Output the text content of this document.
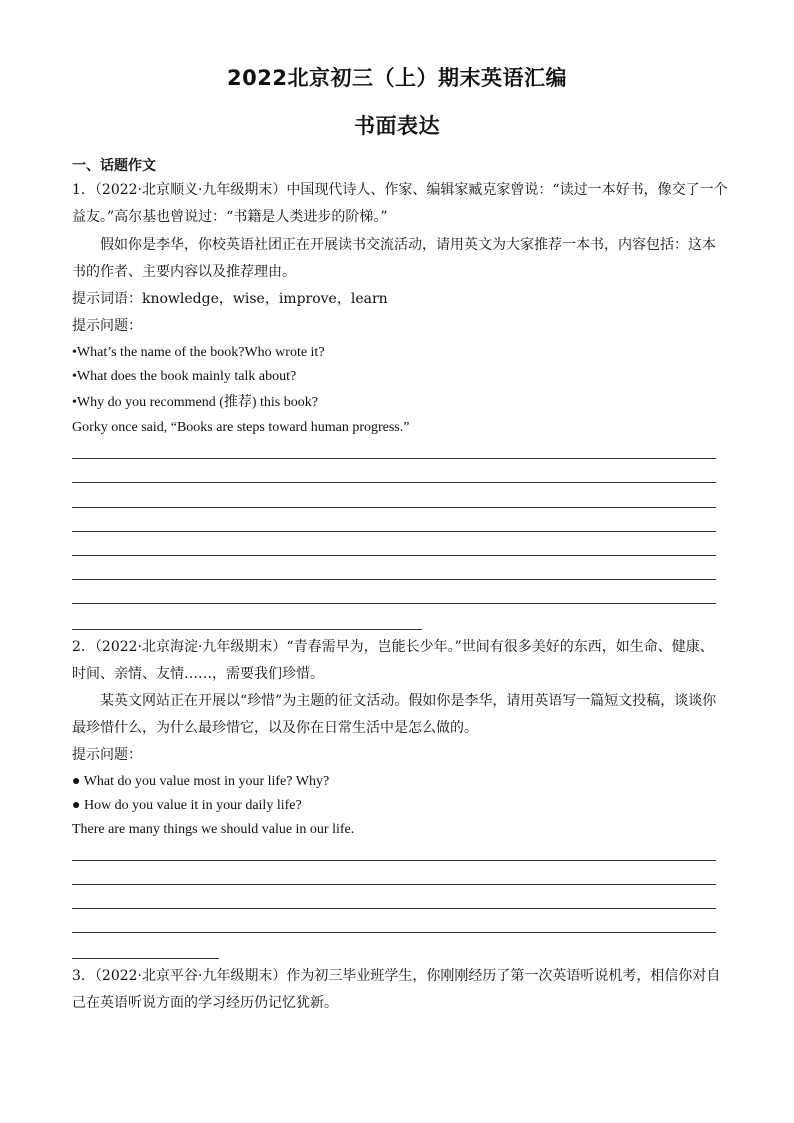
2022北京初三（上）期末英语汇编
书面表达
一、话题作文
1．（2022·北京顺义·九年级期末）中国现代诗人、作家、编辑家臧克家曾说：“读过一本好书，像交了一个
益友。”高尔基也曾说过：“书籍是人类进步的阶梯。”
假如你是李华，你校英语社团正在开展读书交流活动，请用英文为大家推荐一本书，内容包括：这本
书的作者、主要内容以及推荐理由。
提示词语：knowledge，wise，improve，learn
提示问题：
•What’s the name of the book?Who wrote it?
•What does the book mainly talk about?
•Why do you recommend (推荐) this book?
Gorky once said, “Books are steps toward human progress.”
2．（2022·北京海淀·九年级期末）“青春需早为，岂能长少年。”世间有很多美好的东西，如生命、健康、
时间、亲情、友情……，需要我们珍惜。
某英文网站正在开展以“珍惜”为主题的征文活动。假如你是李华，请用英语写一篇短文投稿，谈谈你
最珍惜什么，为什么最珍惜它，以及你在日常生活中是怎么做的。
提示问题：
● What do you value most in your life? Why?
● How do you value it in your daily life?
There are many things we should value in our life.
3．（2022·北京平谷·九年级期末）作为初三毕业班学生，你刚刚经历了第一次英语听说机考，相信你对自
己在英语听说方面的学习经历仍记忆犹新。
